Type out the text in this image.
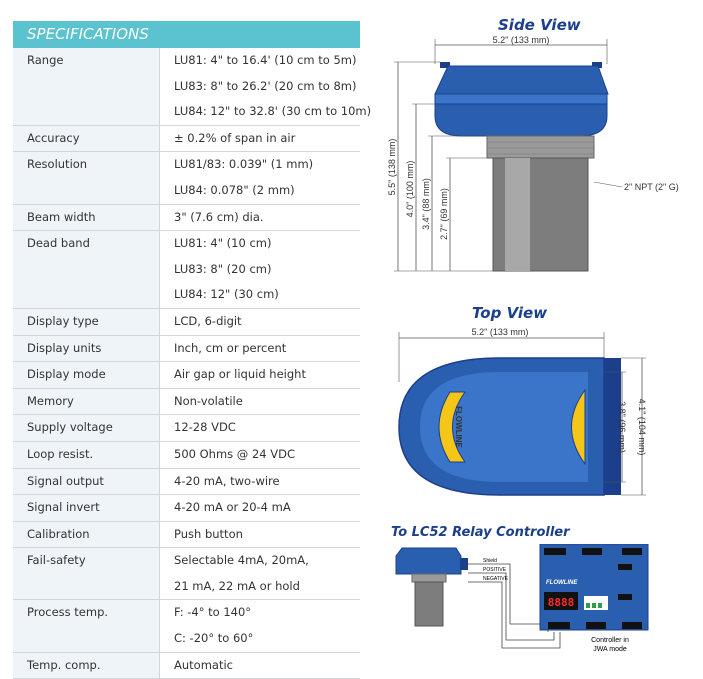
SPECIFICATIONS
Range	LU81: 4" to 16.4' (10 cm to 5m)
LU83: 8" to 26.2' (20 cm to 8m)
LU84: 12" to 32.8' (30 cm to 10m)

Accuracy	± 0.2% of span in air

Resolution	LU81/83: 0.039" (1 mm)
LU84: 0.078" (2 mm)

Beam width	3" (7.6 cm) dia.

Dead band	LU81: 4" (10 cm)
LU83: 8" (20 cm)
LU84: 12" (30 cm)

Display type	LCD, 6-digit

Display units	Inch, cm or percent

Display mode	Air gap or liquid height

Memory	Non-volatile

Supply voltage	12-28 VDC

Loop resist.	500 Ohms @ 24 VDC

Signal output	4-20 mA, two-wire

Signal invert	4-20 mA or 20-4 mA

Calibration	Push button

Fail-safety	Selectable 4mA, 20mA,
21 mA, 22 mA or hold

Process temp.	F: -4° to 140°
C: -20° to 60°

Temp. comp.	Automatic
Side View
5.2" (133 mm)
2" NPT (2" G)
5.5" (138 mm) 4.0" (100 mm) 3.4" (88 mm) 2.7" (69 mm)
Top View
5.2" (133 mm)
FLOWLINE	4.1" (104 mm)
3.8" (96 mm)
To LC52 Relay Controller
Shield
POSITIVE
NEGATIVE
FLOWLINE
8888
Controller in
JWA mode
